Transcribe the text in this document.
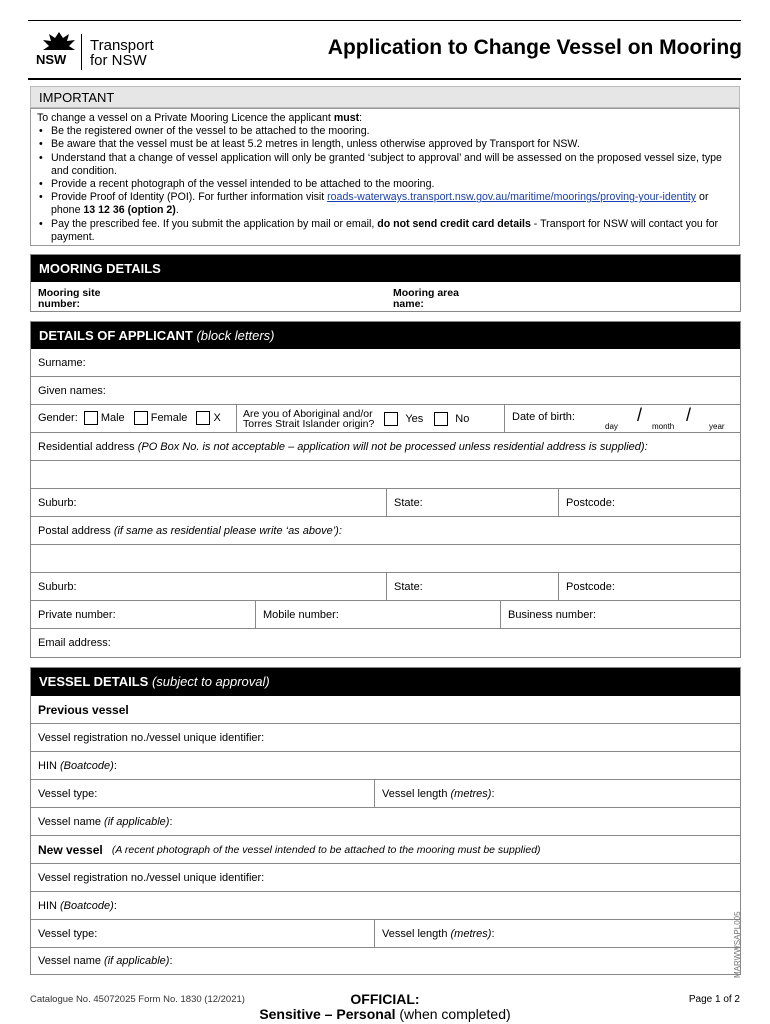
NSW
Transport
for NSW
Application to Change Vessel on Mooring
IMPORTANT
To change a vessel on a Private Mooring Licence the applicant must:
• Be the registered owner of the vessel to be attached to the mooring.
• Be aware that the vessel must be at least 5.2 metres in length, unless otherwise approved by Transport for NSW.
• Understand that a change of vessel application will only be granted ‘subject to approval’ and will be assessed on the proposed vessel size, type and condition.
• Provide a recent photograph of the vessel intended to be attached to the mooring.
• Provide Proof of Identity (POI). For further information visit roads-waterways.transport.nsw.gov.au/maritime/moorings/proving-your-identity or phone 13 12 36 (option 2).
• Pay the prescribed fee. If you submit the application by mail or email, do not send credit card details - Transport for NSW will contact you for payment.
MOORING DETAILS
Mooring site
number:
Mooring area
name:
DETAILS OF APPLICANT (block letters)
Surname:
Given names:
Gender: Male Female X Are you of Aboriginal and/or
Torres Strait Islander origin?	Yes	No	Date of birth:	/ /
day	month	year
Residential address
(PO Box No. is not acceptable – application will not be processed unless residential address is supplied):
Suburb:	State:	Postcode:
Postal address
(if same as residential please write ‘as above’):
Suburb:	State:	Postcode:
Private number:	Mobile number:	Business number:
Email address:
VESSEL DETAILS (subject to approval)
Previous vessel
Vessel registration no./vessel unique identifier:
HIN
(Boatcode) :
Vessel type:	Vessel length
(metres) :
Vessel name
(if applicable) :
New vessel
(A recent photograph of the vessel intended to be attached to the mooring must be supplied)
Vessel registration no./vessel unique identifier:
HIN
(Boatcode) :
Vessel type:	Vessel length
(metres) :
Vessel name
(if applicable) :	MARWWSAPL005
Catalogue No. 45072025 Form No. 1830 (12/2021)	OFFICIAL:
Sensitive – Personal (when completed)
Page 1 of 2
